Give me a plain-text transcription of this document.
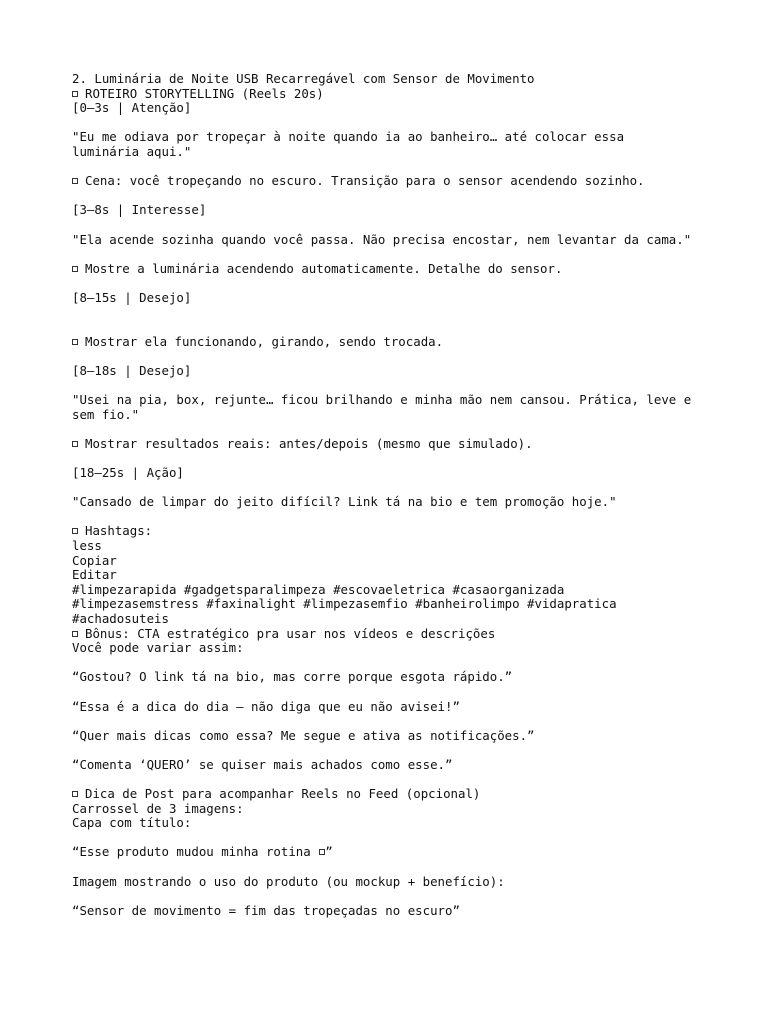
2. Luminária de Noite USB Recarregável com Sensor de Movimento
ROTEIRO STORYTELLING (Reels 20s)
[0–3s | Atenção]
"Eu me odiava por tropeçar à noite quando ia ao banheiro… até colocar essa
luminária aqui."
Cena: você tropeçando no escuro. Transição para o sensor acendendo sozinho.
[3–8s | Interesse]
"Ela acende sozinha quando você passa. Não precisa encostar, nem levantar da cama."
Mostre a luminária acendendo automaticamente. Detalhe do sensor.
[8–15s | Desejo]
Mostrar ela funcionando, girando, sendo trocada.
[8–18s | Desejo]
"Usei na pia, box, rejunte… ficou brilhando e minha mão nem cansou. Prática, leve e
sem fio."
Mostrar resultados reais: antes/depois (mesmo que simulado).
[18–25s | Ação]
"Cansado de limpar do jeito difícil? Link tá na bio e tem promoção hoje."
Hashtags:
less
Copiar
Editar
#limpezarapida #gadgetsparalimpeza #escovaeletrica #casaorganizada
#limpezasemstress #faxinalight #limpezasemfio #banheirolimpo #vidapratica
#achadosuteis
Bônus: CTA estratégico pra usar nos vídeos e descrições
Você pode variar assim:
“Gostou? O link tá na bio, mas corre porque esgota rápido.”
“Essa é a dica do dia — não diga que eu não avisei!”
“Quer mais dicas como essa? Me segue e ativa as notificações.”
“Comenta ‘QUERO’ se quiser mais achados como esse.”
Dica de Post para acompanhar Reels no Feed (opcional)
Carrossel de 3 imagens:
Capa com título:
“Esse produto mudou minha rotina ”
Imagem mostrando o uso do produto (ou mockup + benefício):
“Sensor de movimento = fim das tropeçadas no escuro”
